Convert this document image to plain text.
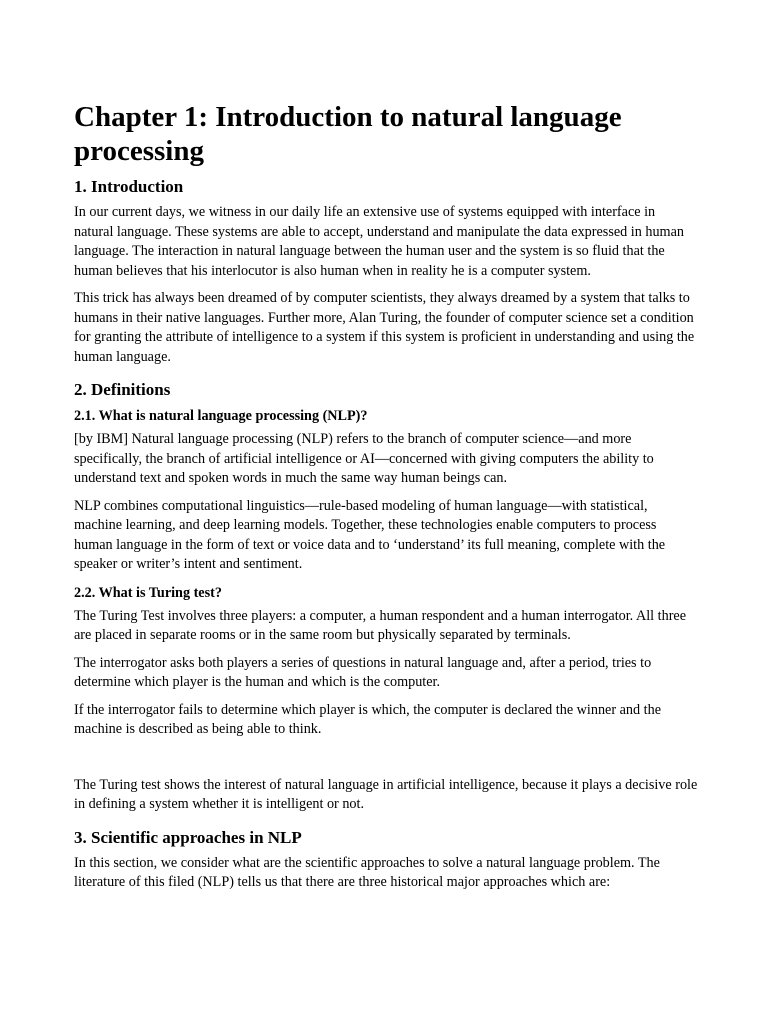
Chapter 1: Introduction to natural language processing
1. Introduction

In our current days, we witness in our daily life an extensive use of systems equipped with interface in natural language. These systems are able to accept, understand and manipulate the data expressed in human language. The interaction in natural language between the human user and the system is so fluid that the human believes that his interlocutor is also human when in reality he is a computer system.

This trick has always been dreamed of by computer scientists, they always dreamed by a system that talks to humans in their native languages. Further more, Alan Turing, the founder of computer science set a condition for granting the attribute of intelligence to a system if this system is proficient in understanding and using the human language.

2. Definitions
2.1. What is natural language processing (NLP)?

[by IBM] Natural language processing (NLP) refers to the branch of computer science—and more specifically, the branch of artificial intelligence or AI—concerned with giving computers the ability to understand text and spoken words in much the same way human beings can.

NLP combines computational linguistics—rule-based modeling of human language—with statistical, machine learning, and deep learning models. Together, these technologies enable computers to process human language in the form of text or voice data and to ‘understand’ its full meaning, complete with the speaker or writer’s intent and sentiment.

2.2. What is Turing test?

The Turing Test involves three players: a computer, a human respondent and a human interrogator. All three are placed in separate rooms or in the same room but physically separated by terminals.

The interrogator asks both players a series of questions in natural language and, after a period, tries to determine which player is the human and which is the computer.

If the interrogator fails to determine which player is which, the computer is declared the winner and the machine is described as being able to think.

The Turing test shows the interest of natural language in artificial intelligence, because it plays a decisive role in defining a system whether it is intelligent or not.

3. Scientific approaches in NLP

In this section, we consider what are the scientific approaches to solve a natural language problem. The literature of this filed (NLP) tells us that there are three historical major approaches which are:
